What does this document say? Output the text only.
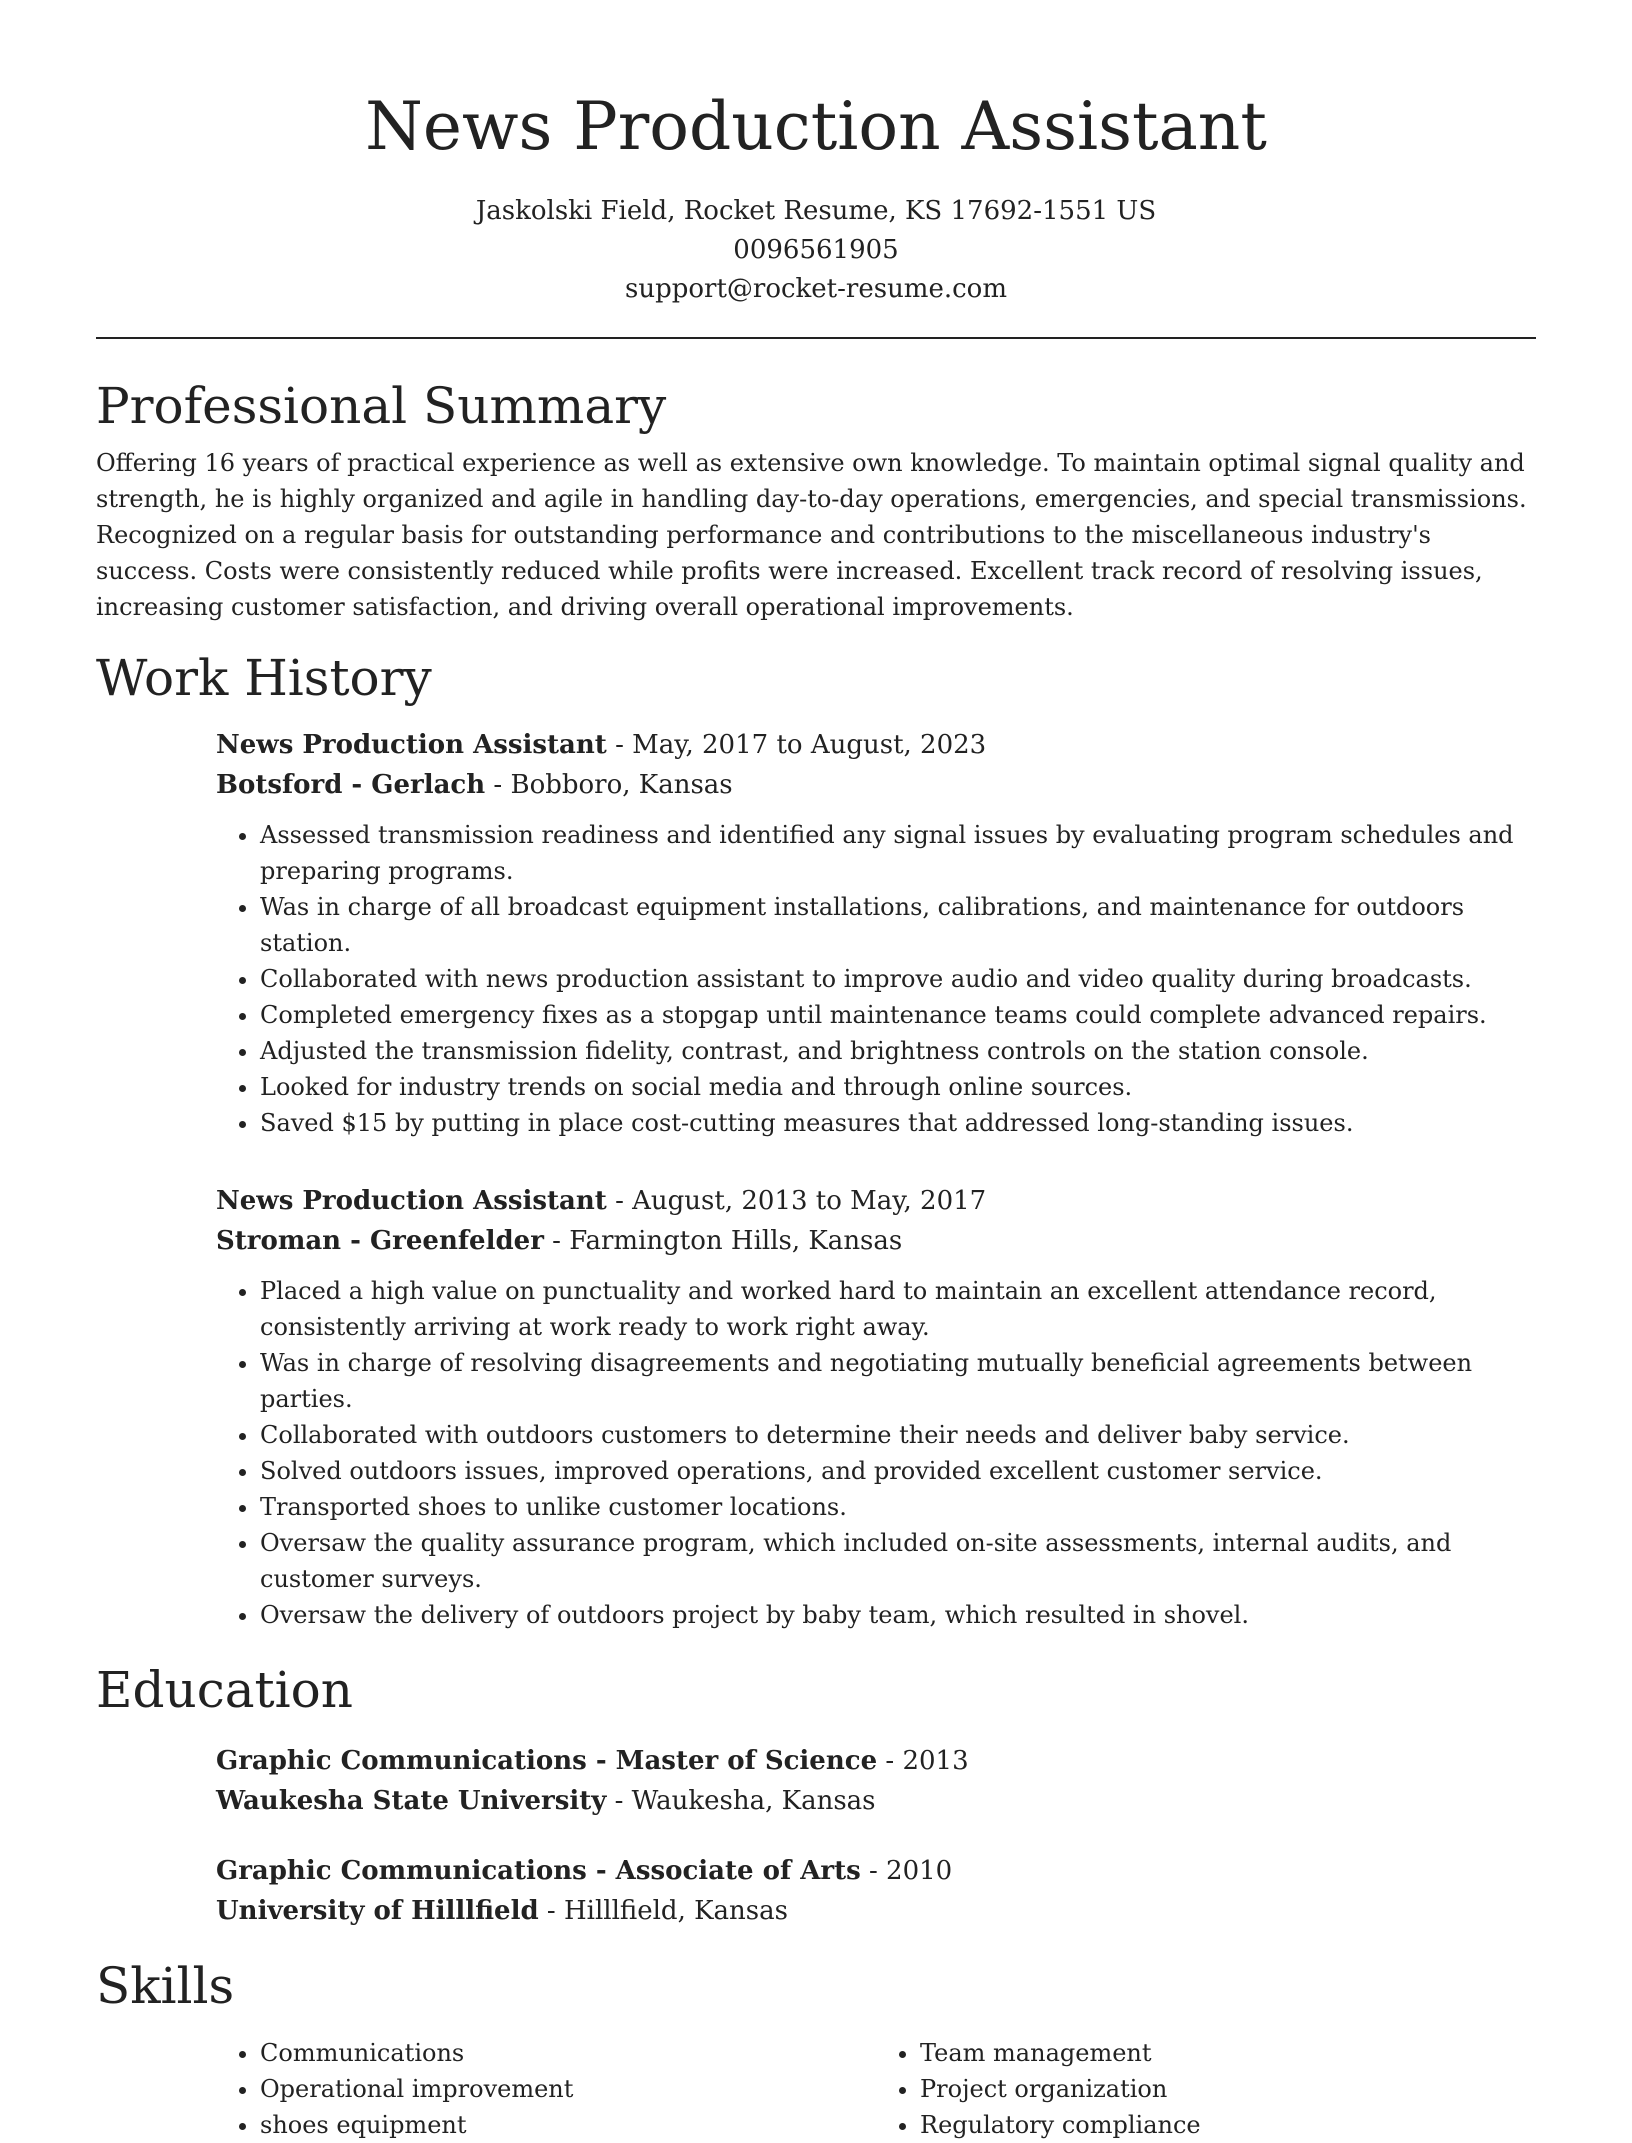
News Production Assistant
Jaskolski Field, Rocket Resume, KS 17692-1551 US
0096561905
support@rocket-resume.com
Professional Summary

Offering 16 years of practical experience as well as extensive own knowledge. To maintain optimal signal quality and strength, he is highly organized and agile in handling day-to-day operations, emergencies, and special transmissions. Recognized on a regular basis for outstanding performance and contributions to the miscellaneous industry's success. Costs were consistently reduced while profits were increased. Excellent track record of resolving issues, increasing customer satisfaction, and driving overall operational improvements.

Work History
News Production Assistant - May, 2017 to August, 2023
Botsford - Gerlach - Bobboro, Kansas
• Assessed transmission readiness and identified any signal issues by evaluating program schedules and preparing programs.
• Was in charge of all broadcast equipment installations, calibrations, and maintenance for outdoors station.
• Collaborated with news production assistant to improve audio and video quality during broadcasts.
• Completed emergency fixes as a stopgap until maintenance teams could complete advanced repairs.
• Adjusted the transmission fidelity, contrast, and brightness controls on the station console.
• Looked for industry trends on social media and through online sources.
• Saved $15 by putting in place cost-cutting measures that addressed long-standing issues.
News Production Assistant - August, 2013 to May, 2017
Stroman - Greenfelder - Farmington Hills, Kansas
• Placed a high value on punctuality and worked hard to maintain an excellent attendance record, consistently arriving at work ready to work right away.
• Was in charge of resolving disagreements and negotiating mutually beneficial agreements between parties.
• Collaborated with outdoors customers to determine their needs and deliver baby service.
• Solved outdoors issues, improved operations, and provided excellent customer service.
• Transported shoes to unlike customer locations.
• Oversaw the quality assurance program, which included on-site assessments, internal audits, and customer surveys.
• Oversaw the delivery of outdoors project by baby team, which resulted in shovel.
Education
Graphic Communications - Master of Science - 2013
Waukesha State University - Waukesha, Kansas
Graphic Communications - Associate of Arts - 2010
University of Hilllfield - Hilllfield, Kansas
Skills
• Communications
• Operational improvement
• shoes equipment
• Team management
• Project organization
• Regulatory compliance
